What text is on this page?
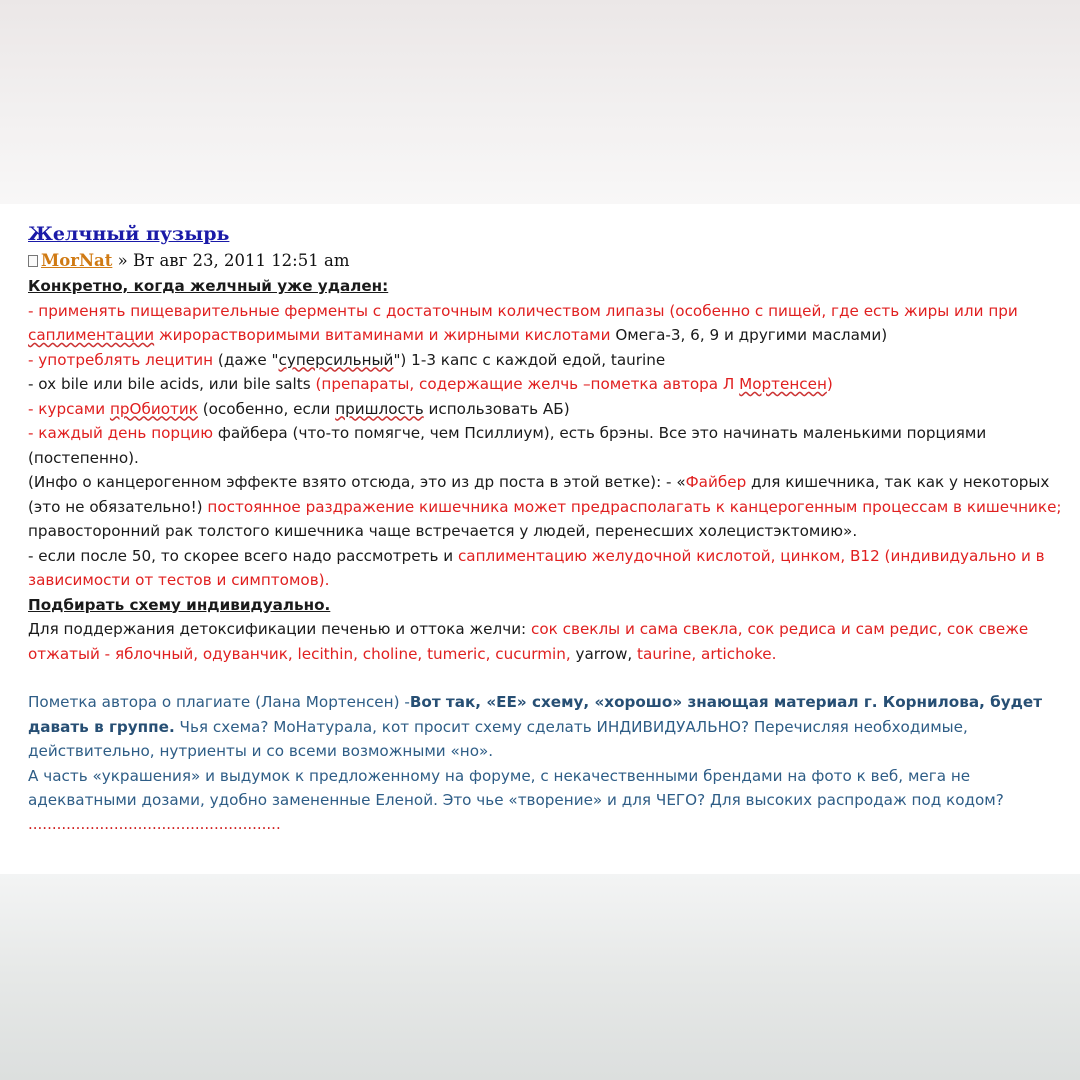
Желчный пузырь
MorNat » Вт авг 23, 2011 12:51 am

Конкретно, когда желчный уже удален:

- применять пищеварительные ферменты с достаточным количеством липазы (особенно с пищей, где есть жиры или при саплиментации жирорастворимыми витаминами и жирными кислотами Омега-3, 6, 9 и другими маслами)

- употреблять лецитин (даже "суперсильный") 1-3 капс с каждой едой, taurine

- ox bile или bile acids, или bile salts (препараты, содержащие желчь –пометка автора Л Мортенсен)

- курсами прОбиотик (особенно, если пришлость использовать АБ)

- каждый день порцию файбера (что-то помягче, чем Псиллиум), есть брэны. Все это начинать маленькими порциями (постепенно).

(Инфо о канцерогенном эффекте взято отсюда, это из др поста в этой ветке): - «Файбер для кишечника, так как у некоторых (это не обязательно!) постоянное раздражение кишечника может предрасполагать к канцерогенным процессам в кишечнике; правосторонний рак толстого кишечника чаще встречается у людей, перенесших холецистэктомию».

- если после 50, то скорее всего надо рассмотреть и саплиментацию желудочной кислотой, цинком, В12 (индивидуально и в зависимости от тестов и симптомов).

Подбирать схему индивидуально.

Для поддержания детоксификации печенью и оттока желчи: сок свеклы и сама свекла, сок редиса и сам редис, сок свеже отжатый - яблочный, одуванчик, lecithin, choline, tumeric, cucurmin, yarrow, taurine, artichoke.

Пометка автора о плагиате (Лана Мортенсен) -Вот так, «ЕЕ» схему, «хорошо» знающая материал г. Корнилова, будет давать в группе. Чья схема? МоНатурала, кот просит схему сделать ИНДИВИДУАЛЬНО? Перечисляя необходимые, действительно, нутриенты и со всеми возможными «но».

А часть «украшения» и выдумок к предложенному на форуме, с некачественными брендами на фото к веб, мега не адекватными дозами, удобно замененные Еленой. Это чье «творение» и для ЧЕГО? Для высоких распродаж под кодом?

.....................................................
